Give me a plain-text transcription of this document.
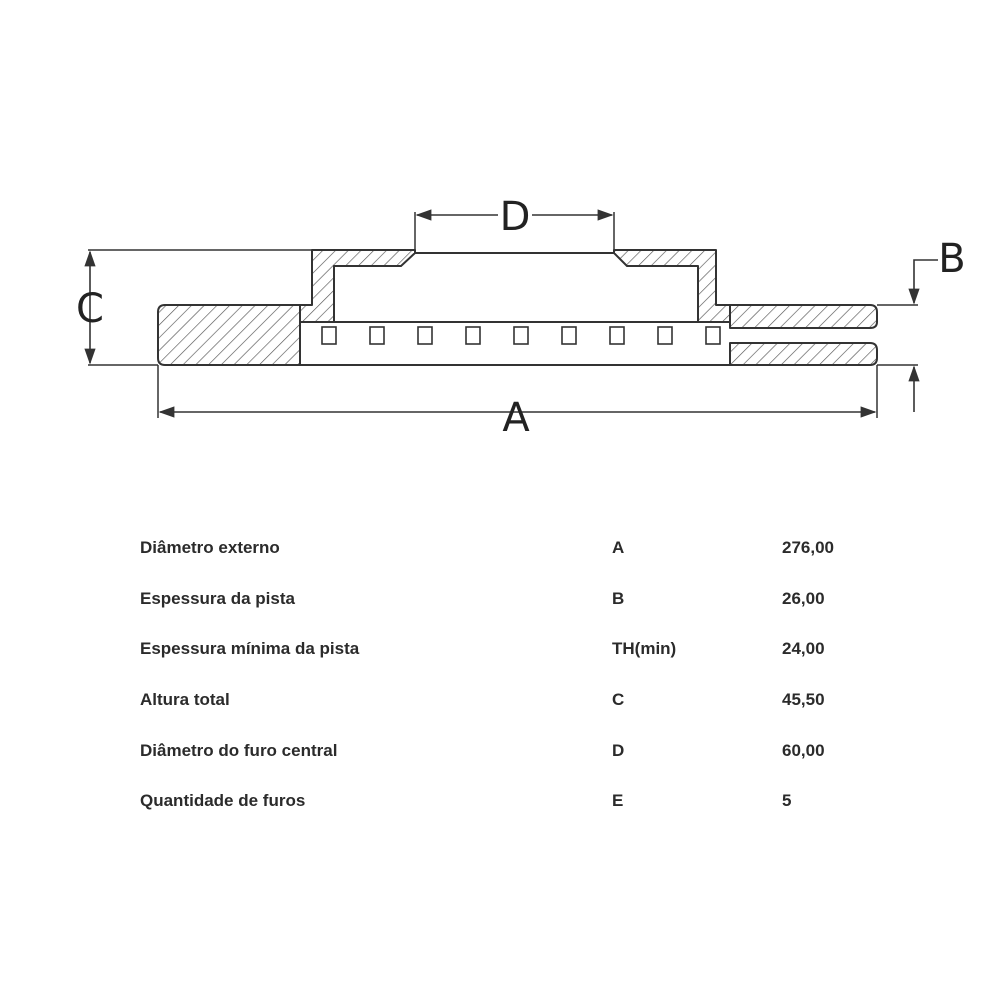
A
C
D
B
Diâmetro externo	A	276,00
Espessura da pista	B	26,00
Espessura mínima da pista	TH(min)	24,00
Altura total	C	45,50
Diâmetro do furo central	D	60,00
Quantidade de furos	E	5
